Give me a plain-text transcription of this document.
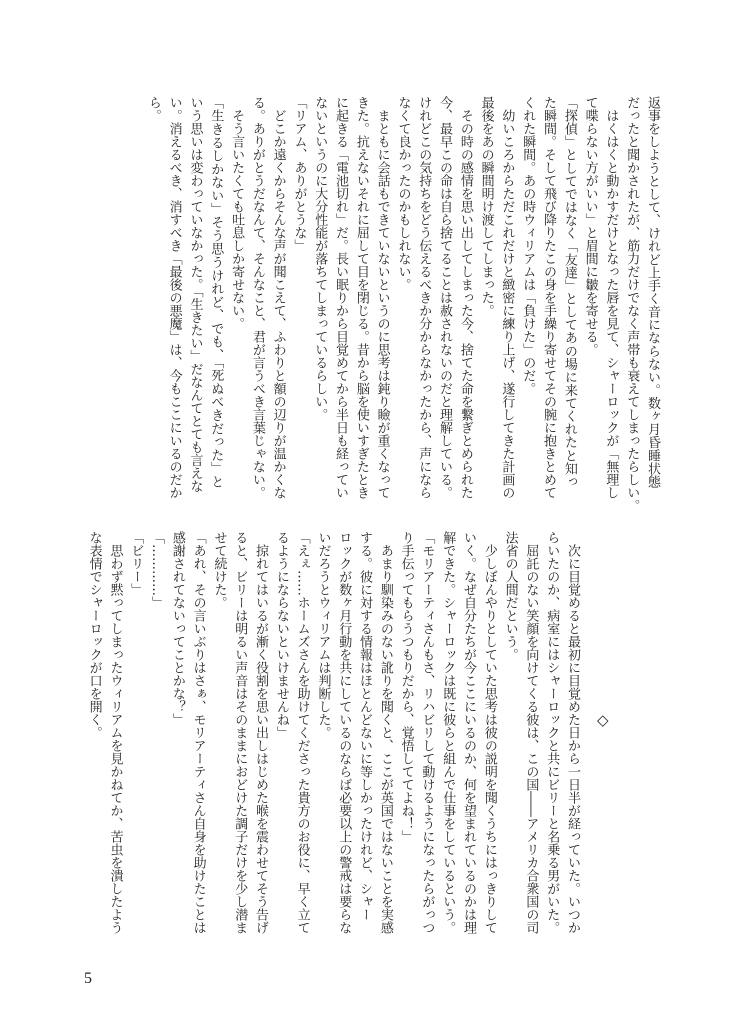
返事をしようとして、けれど上手く音にならない。数ヶ月昏睡状態
だったと聞かされたが、筋力だけでなく声帯も衰えてしまったらしい。
　はくはくと動かすだけとなった唇を見て、シャーロックが「無理し
て喋らない方がいい」と眉間に皺を寄せる。
「探偵」としてではなく「友達」としてあの場に来てくれたと知っ
た瞬間。そして飛び降りたこの身を手繰り寄せてその腕に抱きとめて
くれた瞬間。あの時ウィリアムは「負けた」のだ。
　幼いころからただこれだけと緻密に練り上げ、遂行してきた計画の
最後をあの瞬間明け渡してしまった。
　その時の感情を思い出してしまった今、捨てた命を繋ぎとめられた
今、最早この命は自ら捨てることは赦されないのだと理解している。
けれどこの気持ちをどう伝えるべきか分からなかったから、声になら
なくて良かったのかもしれない。
　まともに会話もできていないというのに思考は鈍り瞼が重くなって
きた。抗えないそれに屈して目を閉じる。昔から脳を使いすぎたとき
に起きる「電池切れ」だ。長い眠りから目覚めてから半日も経ってい
ないというのに大分性能が落ちてしまっているらしい。
「リアム、ありがとうな」
　どこか遠くからそんな声が聞こえて、ふわりと額の辺りが温かくな
る。ありがとうだなんて、そんなこと、君が言うべき言葉じゃない。
　そう言いたくても吐息しか寄せない。
「生きるしかない」そう思うけれど、でも、「死ぬべきだった」と
いう思いは変わっていなかった。「生きたい」だなんてとても言えな
い。消えるべき、消すべき「最後の悪魔」は、今もここにいるのだか
ら。
◇
　次に目覚めると最初に目覚めた日から一日半が経っていた。いつか
らいたのか、病室にはシャーロックと共にビリーと名乗る男がいた。
　屈託のない笑顔を向けてくる彼は、この国――アメリカ合衆国の司
法省の人間だという。
　少しぼんやりとしていた思考は彼の説明を聞くうちにはっきりして
いく。なぜ自分たちが今ここにいるのか、何を望まれているのかは理
解できた。シャーロックは既に彼らと組んで仕事をしているという。
「モリアーティさんもさ、リハビリして動けるようになったらがっつ
り手伝ってもらうつもりだから、覚悟しててよね！」
　あまり馴染みのない訛りを聞くと、ここが英国ではないことを実感
する。彼に対する情報はほとんどないに等しかったけれど、シャー
ロックが数ヶ月行動を共にしているのならば必要以上の警戒は要らな
いだろうとウィリアムは判断した。
「えぇ……ホームズさんを助けてくださった貴方のお役に、早く立て
るようにならないといけませんね」
　掠れてはいるが漸く役割を思い出しはじめた喉を震わせてそう告げ
ると、ビリーは明るい声音はそのままにおどけた調子だけを少し潜ま
せて続けた。
「あれ、その言いぶりはさぁ、モリアーティさん自身を助けたことは
感謝されてないってことかな？」
「…………」
「ビリー」
　思わず黙ってしまったウィリアムを見かねてか、苦虫を潰したよう
な表情でシャーロックが口を開く。
5
